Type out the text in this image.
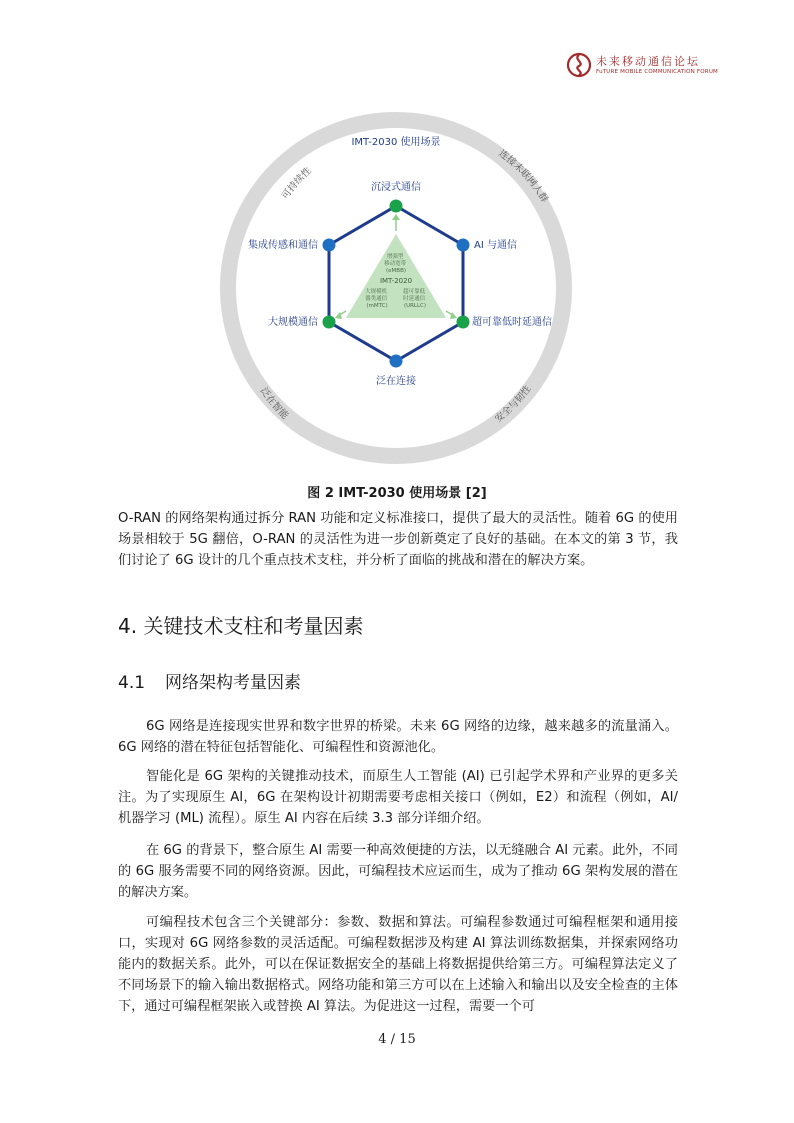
未来移动通信论坛
FuTURE MOBILE COMMUNICATION FORUM
可持续性
连接未联网人群
泛在智能	安全与韧性
IMT-2030 使用场景
增强型 移动宽带 (eMBB)
IMT-2020
大规模机 器类通信 (mMTC)
超可靠低 时延通信 (URLLC)
沉浸式通信
AI 与通信
超可靠低时延通信
泛在连接
大规模通信
集成传感和通信
图 2 IMT-2030 使用场景 [2]

O-RAN 的网络架构通过拆分 RAN 功能和定义标准接口，提供了最大的灵活性。随着 6G 的使用场景相较于 5G 翻倍，O-RAN 的灵活性为进一步创新奠定了良好的基础。在本文的第 3 节，我们讨论了 6G 设计的几个重点技术支柱，并分析了面临的挑战和潜在的解决方案。

4. 关键技术支柱和考量因素
4.1 网络架构考量因素

6G 网络是连接现实世界和数字世界的桥梁。未来 6G 网络的边缘，越来越多的流量涌入。6G 网络的潜在特征包括智能化、可编程性和资源池化。

智能化是 6G 架构的关键推动技术，而原生人工智能 (AI) 已引起学术界和产业界的更多关注。为了实现原生 AI，6G 在架构设计初期需要考虑相关接口（例如，E2）和流程（例如，AI/机器学习 (ML) 流程）。原生 AI 内容在后续 3.3 部分详细介绍。

在 6G 的背景下，整合原生 AI 需要一种高效便捷的方法，以无缝融合 AI 元素。此外，不同的 6G 服务需要不同的网络资源。因此，可编程技术应运而生，成为了推动 6G 架构发展的潜在的解决方案。

可编程技术包含三个关键部分：参数、数据和算法。可编程参数通过可编程框架和通用接口，实现对 6G 网络参数的灵活适配。可编程数据涉及构建 AI 算法训练数据集，并探索网络功能内的数据关系。此外，可以在保证数据安全的基础上将数据提供给第三方。可编程算法定义了不同场景下的输入输出数据格式。网络功能和第三方可以在上述输入和输出以及安全检查的主体下，通过可编程框架嵌入或替换 AI 算法。为促进这一过程，需要一个可

4 / 15
